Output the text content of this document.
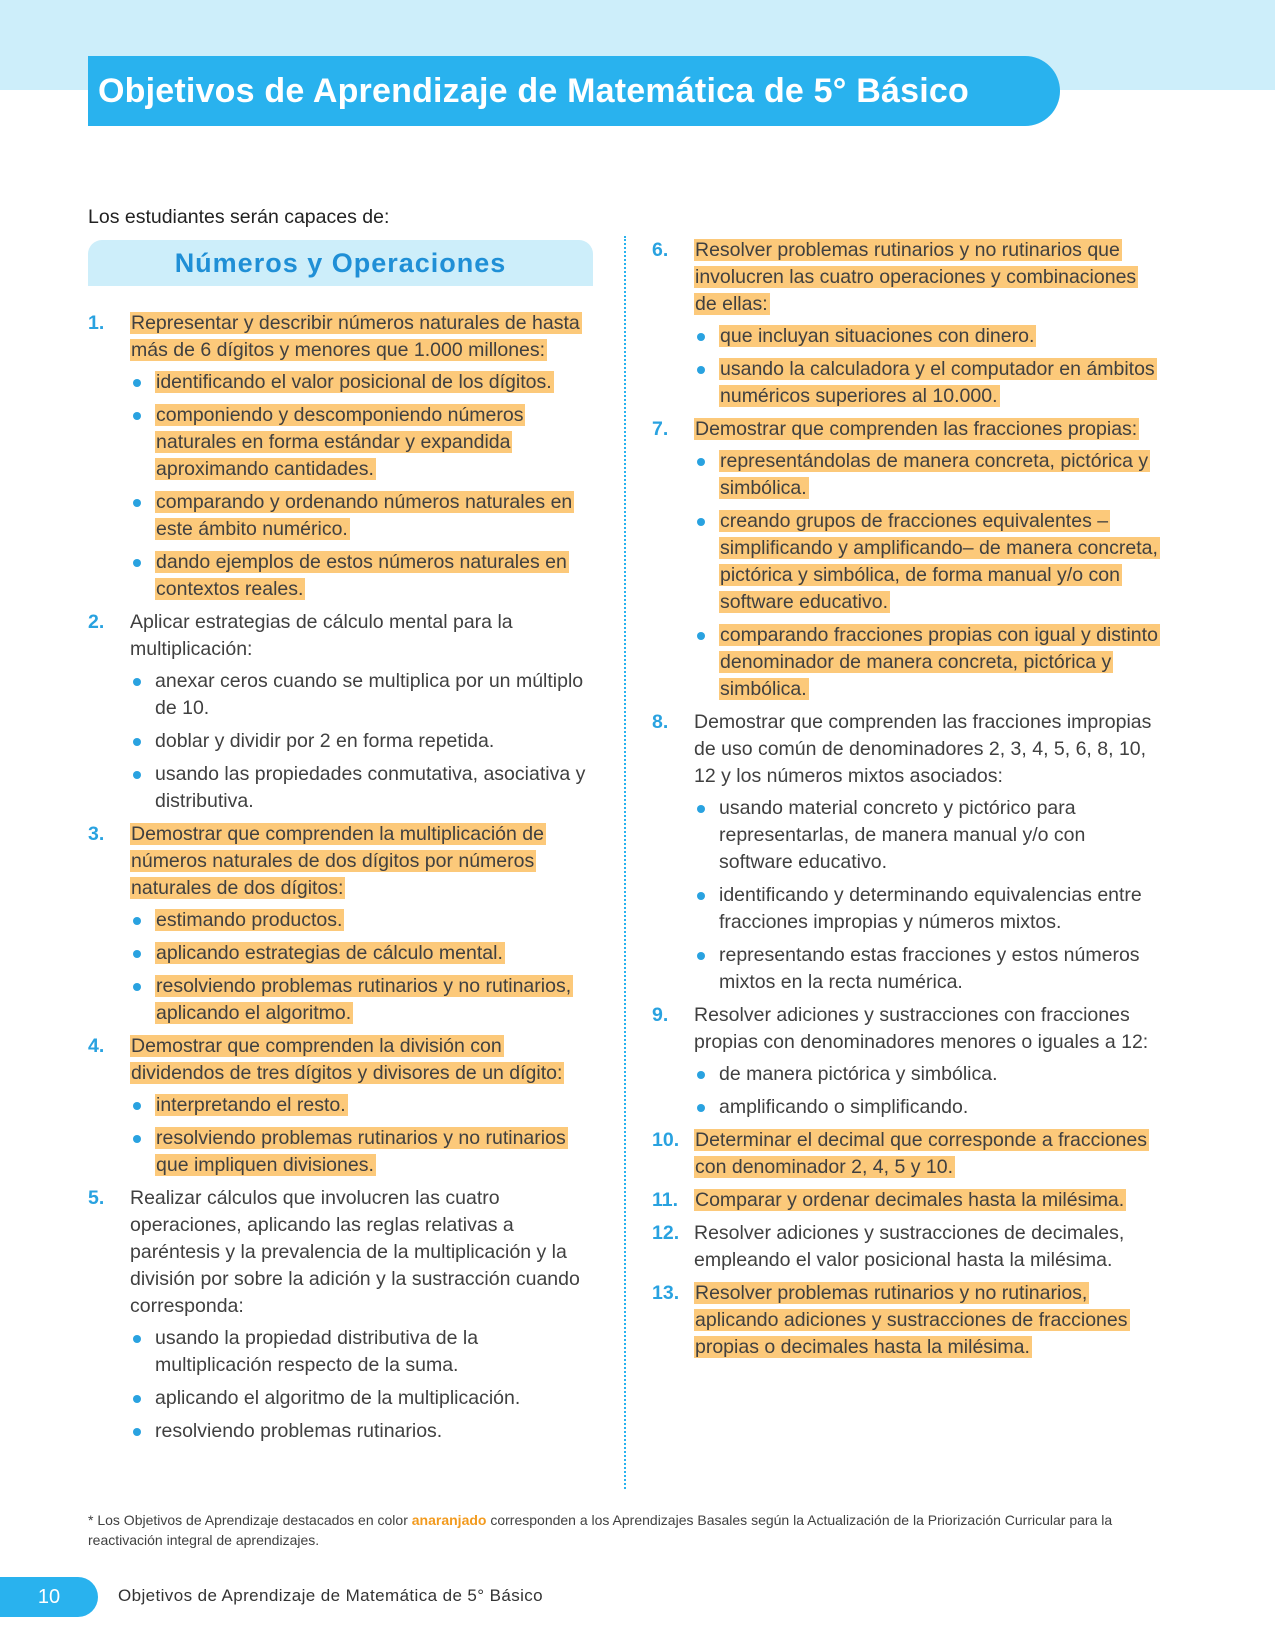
Objetivos de Aprendizaje de Matemática de 5° Básico
Los estudiantes serán capaces de:
Números y Operaciones
1. Representar y describir números naturales de hasta más de 6 dígitos y menores que 1.000 millones:
identificando el valor posicional de los dígitos.
componiendo y descomponiendo números naturales en forma estándar y expandida aproximando cantidades.
comparando y ordenando números naturales en este ámbito numérico.
dando ejemplos de estos números naturales en contextos reales.
2. Aplicar estrategias de cálculo mental para la multiplicación:
anexar ceros cuando se multiplica por un múltiplo de 10.
doblar y dividir por 2 en forma repetida.
usando las propiedades conmutativa, asociativa y distributiva.
3. Demostrar que comprenden la multiplicación de números naturales de dos dígitos por números naturales de dos dígitos:
estimando productos.
aplicando estrategias de cálculo mental.
resolviendo problemas rutinarios y no rutinarios, aplicando el algoritmo.
4. Demostrar que comprenden la división con dividendos de tres dígitos y divisores de un dígito:
interpretando el resto.
resolviendo problemas rutinarios y no rutinarios que impliquen divisiones.
5. Realizar cálculos que involucren las cuatro operaciones, aplicando las reglas relativas a paréntesis y la prevalencia de la multiplicación y la división por sobre la adición y la sustracción cuando corresponda:
usando la propiedad distributiva de la multiplicación respecto de la suma.
aplicando el algoritmo de la multiplicación.
resolviendo problemas rutinarios.
6. Resolver problemas rutinarios y no rutinarios que involucren las cuatro operaciones y combinaciones de ellas:
que incluyan situaciones con dinero.
usando la calculadora y el computador en ámbitos numéricos superiores al 10.000.
7. Demostrar que comprenden las fracciones propias:
representándolas de manera concreta, pictórica y simbólica.
creando grupos de fracciones equivalentes –simplificando y amplificando– de manera concreta, pictórica y simbólica, de forma manual y/o con software educativo.
comparando fracciones propias con igual y distinto denominador de manera concreta, pictórica y simbólica.
8. Demostrar que comprenden las fracciones impropias de uso común de denominadores 2, 3, 4, 5, 6, 8, 10, 12 y los números mixtos asociados:
usando material concreto y pictórico para representarlas, de manera manual y/o con software educativo.
identificando y determinando equivalencias entre fracciones impropias y números mixtos.
representando estas fracciones y estos números mixtos en la recta numérica.
9. Resolver adiciones y sustracciones con fracciones propias con denominadores menores o iguales a 12:
de manera pictórica y simbólica.
amplificando o simplificando.
10. Determinar el decimal que corresponde a fracciones con denominador 2, 4, 5 y 10.
11. Comparar y ordenar decimales hasta la milésima.
12. Resolver adiciones y sustracciones de decimales, empleando el valor posicional hasta la milésima.
13. Resolver problemas rutinarios y no rutinarios, aplicando adiciones y sustracciones de fracciones propias o decimales hasta la milésima.
* Los Objetivos de Aprendizaje destacados en color anaranjado corresponden a los Aprendizajes Basales según la Actualización de la Priorización Curricular para la reactivación integral de aprendizajes.
10	Objetivos de Aprendizaje de Matemática de 5° Básico
